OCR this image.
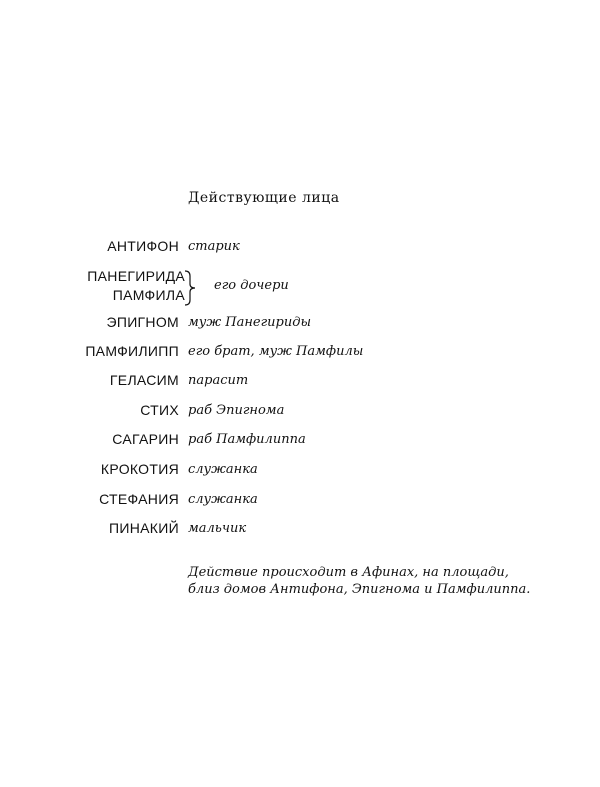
Действующие лица
АНТИФОН старик
ПАНЕГИРИДА
ПАМФИЛА
его дочери
ЭПИГНОМ муж Панегириды
ПАМФИЛИПП его брат, муж Памфилы
ГЕЛАСИМ парасит
СТИХ раб Эпигнома
САГАРИН раб Памфилиппа
КРОКОТИЯ служанка
СТЕФАНИЯ служанка
ПИНАКИЙ мальчик
Действие происходит в Афинах, на площади,
близ домов Антифона, Эпигнома и Памфилиппа.
